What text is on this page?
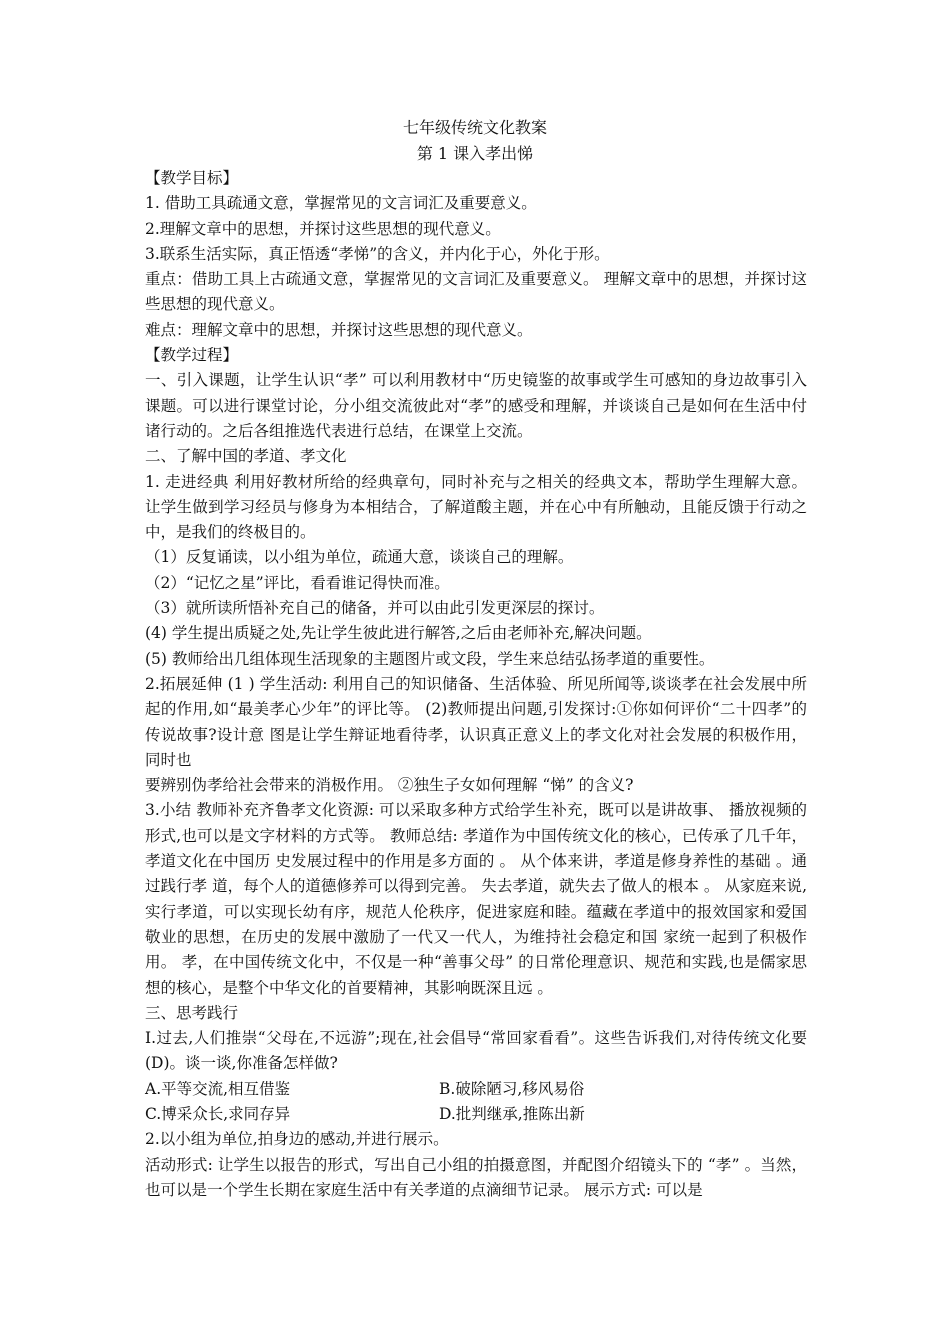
七年级传统文化教案
第 1 课入孝出悌

【教学目标】

1. 借助工具疏通文意，掌握常见的文言词汇及重要意义。

2.理解文章中的思想，并探讨这些思想的现代意义。

3.联系生活实际，真正悟透“孝悌”的含义，并内化于心，外化于形。

重点：借助工具上古疏通文意，掌握常见的文言词汇及重要意义。 理解文章中的思想，并探讨这些思想的现代意义。

难点：理解文章中的思想，并探讨这些思想的现代意义。

【教学过程】

一、引入课题，让学生认识“孝” 可以利用教材中“历史镜鉴的故事或学生可感知的身边故事引入课题。可以进行课堂讨论，分小组交流彼此对“孝”的感受和理解，并谈谈自己是如何在生活中付诸行动的。之后各组推选代表进行总结，在课堂上交流。

二、了解中国的孝道、孝文化

1. 走进经典 利用好教材所给的经典章句，同时补充与之相关的经典文本，帮助学生理解大意。 让学生做到学习经员与修身为本相结合，了解道酸主题，并在心中有所触动，且能反馈于行动之中，是我们的终极目的。

（1）反复诵读，以小组为单位，疏通大意，谈谈自己的理解。

（2）“记忆之星”评比，看看谁记得快而准。

（3）就所读所悟补充自己的储备，并可以由此引发更深层的探讨。

(4) 学生提出质疑之处,先让学生彼此进行解答,之后由老师补充,解决问题。

(5) 教师给出几组体现生活现象的主题图片或文段，学生来总结弘扬孝道的重要性。

2.拓展延伸 (1 ) 学生活动: 利用自己的知识储备、生活体验、所见所闻等,谈谈孝在社会发展中所起的作用,如“最美孝心少年”的评比等。 (2)教师提出问题,引发探讨:①你如何评价“二十四孝”的传说故事?设计意 图是让学生辩证地看待孝，认识真正意义上的孝文化对社会发展的积极作用，同时也

要辨别伪孝给社会带来的消极作用。 ②独生子女如何理解 “悌” 的含义?

3.小结 教师补充齐鲁孝文化资源: 可以采取多种方式给学生补充，既可以是讲故事、 播放视频的形式,也可以是文字材料的方式等。 教师总结: 孝道作为中国传统文化的核心，已传承了几千年，孝道文化在中国历 史发展过程中的作用是多方面的 。 从个体来讲，孝道是修身养性的基础 。通过践行孝 道，每个人的道德修养可以得到完善。 失去孝道，就失去了做人的根本 。 从家庭来说,实行孝道，可以实现长幼有序，规范人伦秩序，促进家庭和睦。蕴藏在孝道中的报效国家和爱国敬业的思想，在历史的发展中激励了一代又一代人，为维持社会稳定和国 家统一起到了积极作用。 孝，在中国传统文化中，不仅是一种“善事父母” 的日常伦理意识、规范和实践,也是儒家思想的核心，是整个中华文化的首要精神，其影响既深且远 。

三、思考践行

I.过去,人们推崇“父母在,不远游”;现在,社会倡导“常回家看看”。这些告诉我们,对待传统文化要(D)。谈一谈,你准备怎样做?

A.平等交流,相互借鉴	B.破除陋习,移风易俗
C.博采众长,求同存异	D.批判继承,推陈出新

2.以小组为单位,拍身边的感动,并进行展示。

活动形式: 让学生以报告的形式，写出自己小组的拍摄意图，并配图介绍镜头下的 “孝” 。当然，也可以是一个学生长期在家庭生活中有关孝道的点滴细节记录。 展示方式: 可以是
